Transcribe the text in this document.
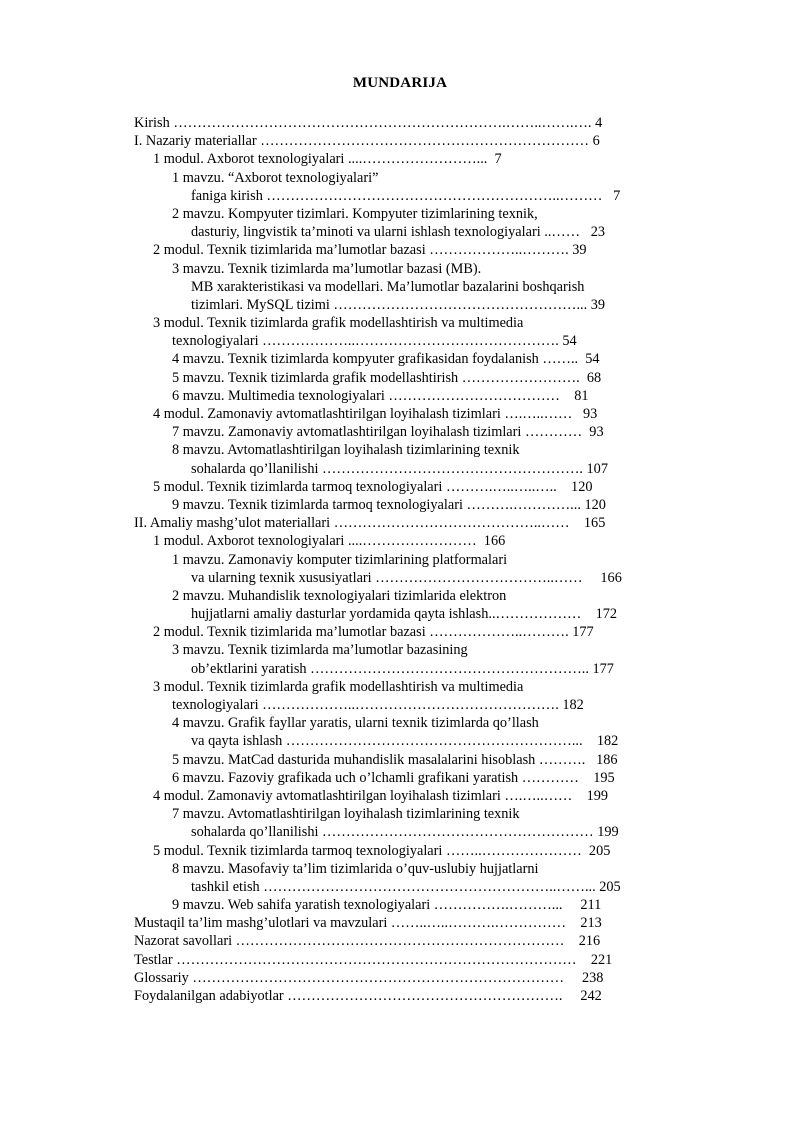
MUNDARIJA
Kirish …………………………………………………………….……..…….…. 4
I. Nazariy materiallar …………………………………………………………… 6
1 modul. Axborot texnologiyalari ....……………………...  7
1 mavzu. “Axborot texnologiyalari”
faniga kirish ……………………………………………………..………   7
2 mavzu. Kompyuter tizimlari. Kompyuter tizimlarining texnik,
dasturiy, lingvistik ta’minoti va ularni ishlash texnologiyalari ..……   23
2 modul. Texnik tizimlarida ma’lumotlar bazasi ………………..………. 39
3 mavzu. Texnik tizimlarda ma’lumotlar bazasi (MB).
MB xarakteristikasi va modellari. Ma’lumotlar bazalarini boshqarish
tizimlari. MySQL tizimi ……………………………………………... 39
3 modul. Texnik tizimlarda grafik modellashtirish va multimedia
texnologiyalari ………………..……………………………………. 54
4 mavzu. Texnik tizimlarda kompyuter grafikasidan foydalanish ……..  54
5 mavzu. Texnik tizimlarda grafik modellashtirish …………………….  68
6 mavzu. Multimedia texnologiyalari ………………………………    81
4 modul. Zamonaviy avtomatlashtirilgan loyihalash tizimlari ….…..……   93
7 mavzu. Zamonaviy avtomatlashtirilgan loyihalash tizimlari …………  93
8 mavzu. Avtomatlashtirilgan loyihalash tizimlarining texnik
sohalarda qo’llanilishi ………………………………………………. 107
5 modul. Texnik tizimlarda tarmoq texnologiyalari ……….…..…..…..    120
9 mavzu. Texnik tizimlarda tarmoq texnologiyalari ……….…………... 120
II. Amaliy mashg’ulot materiallari ……………………………………..……    165
1 modul. Axborot texnologiyalari ....……………………  166
1 mavzu. Zamonaviy komputer tizimlarining platformalari
va ularning texnik xususiyatlari ………………………………..……     166
2 mavzu. Muhandislik texnologiyalari tizimlarida elektron
hujjatlarni amaliy dasturlar yordamida qayta ishlash..………………    172
2 modul. Texnik tizimlarida ma’lumotlar bazasi ………………..………. 177
3 mavzu. Texnik tizimlarda ma’lumotlar bazasining
ob’ektlarini yaratish ………………………………………………….. 177
3 modul. Texnik tizimlarda grafik modellashtirish va multimedia
texnologiyalari ………………..……………………………………. 182
4 mavzu. Grafik fayllar yaratis, ularni texnik tizimlarda qo’llash
va qayta ishlash ……………………………………………………...    182
5 mavzu. MatCad dasturida muhandislik masalalarini hisoblash ……….   186
6 mavzu. Fazoviy grafikada uch o’lchamli grafikani yaratish …………    195
4 modul. Zamonaviy avtomatlashtirilgan loyihalash tizimlari ….…..……    199
7 mavzu. Avtomatlashtirilgan loyihalash tizimlarining texnik
sohalarda qo’llanilishi ………………………………………………… 199
5 modul. Texnik tizimlarda tarmoq texnologiyalari ……..…………………  205
8 mavzu. Masofaviy ta’lim tizimlarida o’quv-uslubiy hujjatlarni
tashkil etish ……………………………………………………..……... 205
9 mavzu. Web sahifa yaratish texnologiyalari …………….………...     211
Mustaqil ta’lim mashg’ulotlari va mavzulari ……..…..……….……………    213
Nazorat savollari ……………………………………………………………    216
Testlar …………………………………………………………………………    221
Glossariy ……………………………………………………………………     238
Foydalanilgan adabiyotlar ………………………………………………….     242
